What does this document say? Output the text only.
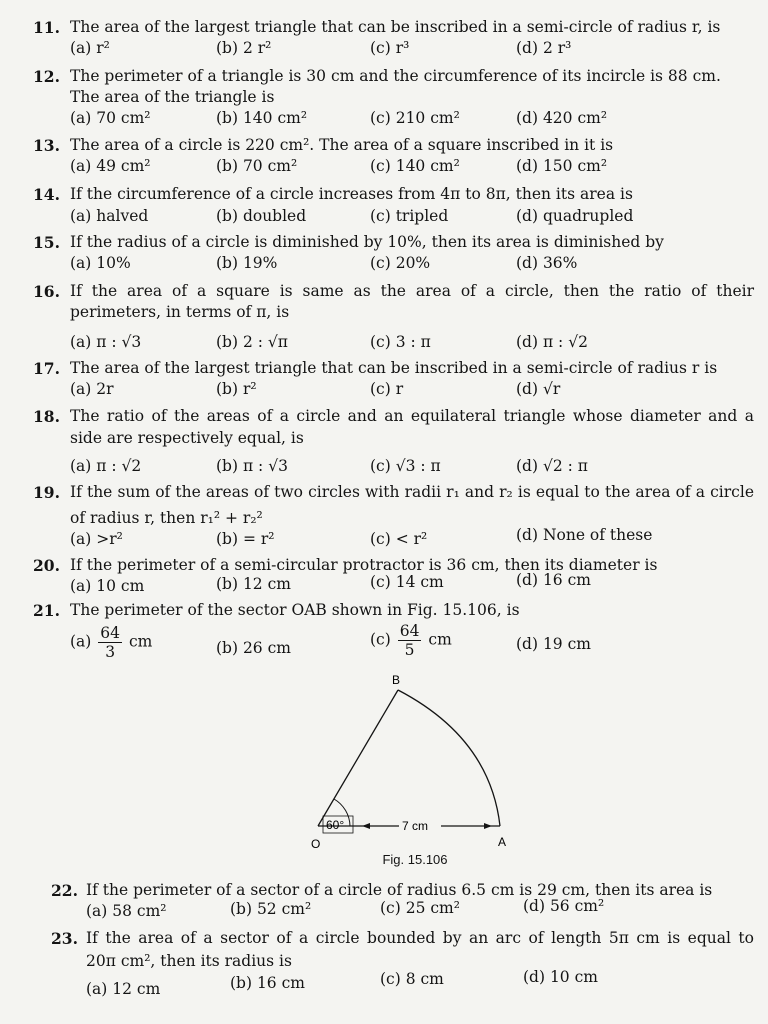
11. The area of the largest triangle that can be inscribed in a semi-circle of radius r, is
(a) r²	(b) 2 r²	(c) r³	(d) 2 r³
12. The perimeter of a triangle is 30 cm and the circumference of its incircle is 88 cm. The area of the triangle is
(a) 70 cm²	(b) 140 cm²	(c) 210 cm²	(d) 420 cm²
13. The area of a circle is 220 cm². The area of a square inscribed in it is
(a) 49 cm²	(b) 70 cm²	(c) 140 cm²	(d) 150 cm²
14. If the circumference of a circle increases from 4π to 8π, then its area is
(a) halved	(b) doubled	(c) tripled	(d) quadrupled
15. If the radius of a circle is diminished by 10%, then its area is diminished by
(a) 10%	(b) 19%	(c) 20%	(d) 36%
16. If the area of a square is same as the area of a circle, then the ratio of their
perimeters, in terms of π, is
(a) π : √3	(b) 2 : √π	(c) 3 : π	(d) π : √2
17. The area of the largest triangle that can be inscribed in a semi-circle of radius r is
(a) 2r	(b) r²	(c) r	(d) √r
18. The ratio of the areas of a circle and an equilateral triangle whose diameter and a
side are respectively equal, is
(a) π : √2	(b) π : √3	(c) √3 : π	(d) √2 : π
19. If the sum of the areas of two circles with radii r₁ and r₂ is equal to the area of a circle
of radius r, then r₁² + r₂²
(a) >r²	(b) = r²	(c) < r²	(d) None of these
20. If the perimeter of a semi-circular protractor is 36 cm, then its diameter is
(a) 10 cm	(b) 12 cm	(c) 14 cm	(d) 16 cm
21. The perimeter of the sector OAB shown in Fig. 15.106, is
$(a) \frac{64}{3}$ cm	(b) 26 cm	$(c) \frac{64}{5}$ cm	(d) 19 cm
60°
B
O	A
7 cm
Fig. 15.106
22. If the perimeter of a sector of a circle of radius 6.5 cm is 29 cm, then its area is
(a) 58 cm²	(b) 52 cm²	(c) 25 cm²	(d) 56 cm²
23. If the area of a sector of a circle bounded by an arc of length 5π cm is equal to
20π cm², then its radius is
(a) 12 cm	(b) 16 cm	(c) 8 cm	(d) 10 cm
